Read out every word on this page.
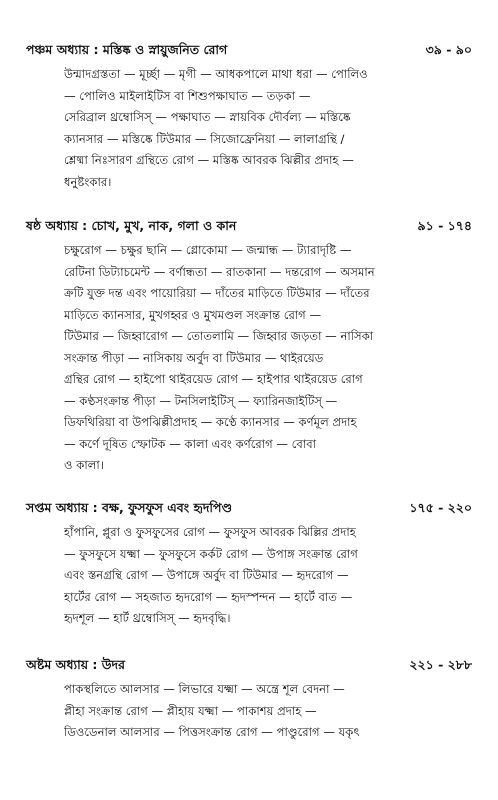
পঞ্চম অধ্যায় : মস্তিষ্ক ও স্নায়ুজনিত রোগ	৩৯ - ৯০
উন্মাদগ্রস্ততা — মূর্চ্ছা — মৃগী — আধকপালে মাথা ধরা — পোলিও
— পোলিও মাইলাইটিস বা শিশুপক্ষাঘাত — তড়কা —
সেরিব্রাল থ্রম্বোসিস্ — পক্ষাঘাত — স্নায়বিক দৌর্বল্য — মস্তিষ্কে
ক্যানসার — মস্তিষ্কে টিউমার — সিজোফ্রেনিয়া — লালাগ্রন্থি /
শ্লেষ্মা নিঃসারণ গ্রন্থিতে রোগ — মস্তিষ্ক আবরক ঝিল্লীর প্রদাহ —
ধনুষ্টংকার।
ষষ্ঠ অধ্যায় : চোখ, মুখ, নাক, গলা ও কান	৯১ - ১৭৪
চক্ষুরোগ — চক্ষুর ছানি — গ্লোকোমা — জন্মান্ধ — ট্যারাদৃষ্টি —
রেটিনা ডিট্যাচমেন্ট — বর্ণান্ধতা — রাতকানা — দন্তরোগ — অসমান
ক্রটি যুক্ত দন্ত এবং পায়োরিয়া — দাঁতের মাড়িতে টিউমার — দাঁতের
মাড়িতে ক্যানসার, মুখগহ্বর ও মুখমণ্ডল সংক্রান্ত রোগ —
টিউমার — জিহ্বারোগ — তোতলামি — জিহ্বার জড়তা — নাসিকা
সংক্রান্ত পীড়া — নাসিকায় অর্বুদ বা টিউমার — থাইরয়েড
গ্রন্থির রোগ — হাইপো থাইরয়েড রোগ — হাইপার থাইরয়েড রোগ
— কণ্ঠসংক্রান্ত পীড়া — টনসিলাইটিস্ — ফ্যারিনজাইটিস্ —
ডিফথিরিয়া বা উপঝিল্লীপ্রদাহ — কণ্ঠে ক্যানসার — কর্ণমূল প্রদাহ
— কর্ণে দূষিত স্ফোটক — কালা এবং কর্ণরোগ — বোবা
ও কালা।
সপ্তম অধ্যায় : বক্ষ, ফুসফুস এবং হৃদপিণ্ড	১৭৫ - ২২০
হাঁপানি, প্লুরা ও ফুসফুসের রোগ — ফুসফুস আবরক ঝিল্লির প্রদাহ
— ফুসফুসে যক্ষ্মা — ফুসফুসে কর্কট রোগ — উপাঙ্গ সংক্রান্ত রোগ
এবং স্তনগ্রন্থি রোগ — উপাঙ্গে অর্বুদ বা টিউমার — হৃদরোগ —
হার্টের রোগ — সহজাত হৃদরোগ — হৃদস্পন্দন — হার্টে বাত —
হৃদশূল — হার্ট থ্রম্বোসিস্ — হৃদবৃদ্ধি।
অষ্টম অধ্যায় : উদর	২২১ - ২৮৮
পাকস্থলিতে আলসার — লিভারে যক্ষ্মা — অন্ত্রে শূল বেদনা —
প্লীহা সংক্রান্ত রোগ — প্লীহায় যক্ষ্মা — পাকাশয় প্রদাহ —
ডিওডেনাল আলসার — পিত্তসংক্রান্ত রোগ — পাণ্ডুরোগ — যকৃৎ
